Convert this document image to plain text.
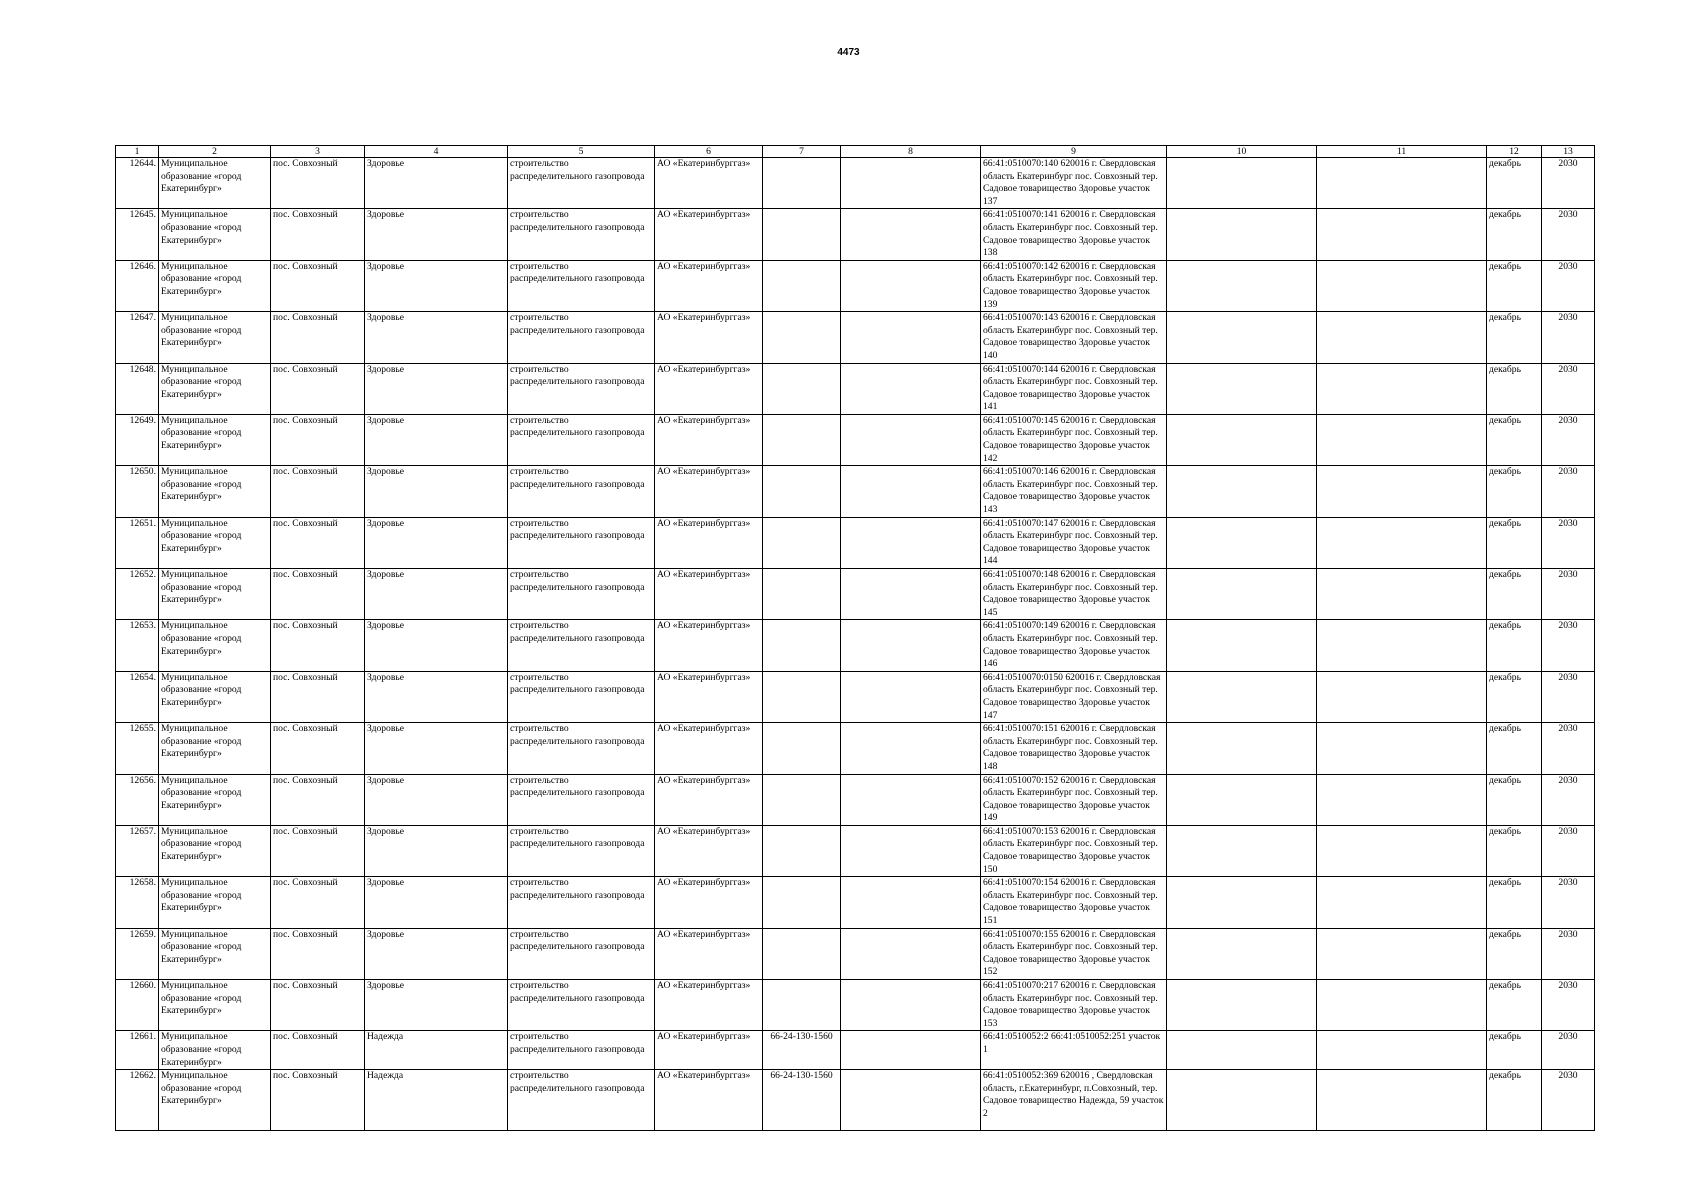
4473
1	2	3	4	5	6	7	8	9	10	11	12	13
12644.	Муниципальное образование «город Екатеринбург»	пос. Совхозный	Здоровье	строительство распределительного газопровода	АО «Екатеринбурггаз»			66:41:0510070:140 620016 г. Свердловская область Екатеринбург пос. Совхозный тер. Садовое товарищество Здоровье участок 137			декабрь	2030
12645.	Муниципальное образование «город Екатеринбург»	пос. Совхозный	Здоровье	строительство распределительного газопровода	АО «Екатеринбурггаз»			66:41:0510070:141 620016 г. Свердловская область Екатеринбург пос. Совхозный тер. Садовое товарищество Здоровье участок 138			декабрь	2030
12646.	Муниципальное образование «город Екатеринбург»	пос. Совхозный	Здоровье	строительство распределительного газопровода	АО «Екатеринбурггаз»			66:41:0510070:142 620016 г. Свердловская область Екатеринбург пос. Совхозный тер. Садовое товарищество Здоровье участок 139			декабрь	2030
12647.	Муниципальное образование «город Екатеринбург»	пос. Совхозный	Здоровье	строительство распределительного газопровода	АО «Екатеринбурггаз»			66:41:0510070:143 620016 г. Свердловская область Екатеринбург пос. Совхозный тер. Садовое товарищество Здоровье участок 140			декабрь	2030
12648.	Муниципальное образование «город Екатеринбург»	пос. Совхозный	Здоровье	строительство распределительного газопровода	АО «Екатеринбурггаз»			66:41:0510070:144 620016 г. Свердловская область Екатеринбург пос. Совхозный тер. Садовое товарищество Здоровье участок 141			декабрь	2030
12649.	Муниципальное образование «город Екатеринбург»	пос. Совхозный	Здоровье	строительство распределительного газопровода	АО «Екатеринбурггаз»			66:41:0510070:145 620016 г. Свердловская область Екатеринбург пос. Совхозный тер. Садовое товарищество Здоровье участок 142			декабрь	2030
12650.	Муниципальное образование «город Екатеринбург»	пос. Совхозный	Здоровье	строительство распределительного газопровода	АО «Екатеринбурггаз»			66:41:0510070:146 620016 г. Свердловская область Екатеринбург пос. Совхозный тер. Садовое товарищество Здоровье участок 143			декабрь	2030
12651.	Муниципальное образование «город Екатеринбург»	пос. Совхозный	Здоровье	строительство распределительного газопровода	АО «Екатеринбурггаз»			66:41:0510070:147 620016 г. Свердловская область Екатеринбург пос. Совхозный тер. Садовое товарищество Здоровье участок 144			декабрь	2030
12652.	Муниципальное образование «город Екатеринбург»	пос. Совхозный	Здоровье	строительство распределительного газопровода	АО «Екатеринбурггаз»			66:41:0510070:148 620016 г. Свердловская область Екатеринбург пос. Совхозный тер. Садовое товарищество Здоровье участок 145			декабрь	2030
12653.	Муниципальное образование «город Екатеринбург»	пос. Совхозный	Здоровье	строительство распределительного газопровода	АО «Екатеринбурггаз»			66:41:0510070:149 620016 г. Свердловская область Екатеринбург пос. Совхозный тер. Садовое товарищество Здоровье участок 146			декабрь	2030
12654.	Муниципальное образование «город Екатеринбург»	пос. Совхозный	Здоровье	строительство распределительного газопровода	АО «Екатеринбурггаз»			66:41:0510070:0150 620016 г. Свердловская область Екатеринбург пос. Совхозный тер. Садовое товарищество Здоровье участок 147			декабрь	2030
12655.	Муниципальное образование «город Екатеринбург»	пос. Совхозный	Здоровье	строительство распределительного газопровода	АО «Екатеринбурггаз»			66:41:0510070:151 620016 г. Свердловская область Екатеринбург пос. Совхозный тер. Садовое товарищество Здоровье участок 148			декабрь	2030
12656.	Муниципальное образование «город Екатеринбург»	пос. Совхозный	Здоровье	строительство распределительного газопровода	АО «Екатеринбурггаз»			66:41:0510070:152 620016 г. Свердловская область Екатеринбург пос. Совхозный тер. Садовое товарищество Здоровье участок 149			декабрь	2030
12657.	Муниципальное образование «город Екатеринбург»	пос. Совхозный	Здоровье	строительство распределительного газопровода	АО «Екатеринбурггаз»			66:41:0510070:153 620016 г. Свердловская область Екатеринбург пос. Совхозный тер. Садовое товарищество Здоровье участок 150			декабрь	2030
12658.	Муниципальное образование «город Екатеринбург»	пос. Совхозный	Здоровье	строительство распределительного газопровода	АО «Екатеринбурггаз»			66:41:0510070:154 620016 г. Свердловская область Екатеринбург пос. Совхозный тер. Садовое товарищество Здоровье участок 151			декабрь	2030
12659.	Муниципальное образование «город Екатеринбург»	пос. Совхозный	Здоровье	строительство распределительного газопровода	АО «Екатеринбурггаз»			66:41:0510070:155 620016 г. Свердловская область Екатеринбург пос. Совхозный тер. Садовое товарищество Здоровье участок 152			декабрь	2030
12660.	Муниципальное образование «город Екатеринбург»	пос. Совхозный	Здоровье	строительство распределительного газопровода	АО «Екатеринбурггаз»			66:41:0510070:217 620016 г. Свердловская область Екатеринбург пос. Совхозный тер. Садовое товарищество Здоровье участок 153			декабрь	2030
12661.	Муниципальное образование «город Екатеринбург»	пос. Совхозный	Надежда	строительство распределительного газопровода	АО «Екатеринбурггаз»	66-24-130-1560		66:41:0510052:2 66:41:0510052:251 участок 1			декабрь	2030
12662.	Муниципальное образование «город Екатеринбург»	пос. Совхозный	Надежда	строительство распределительного газопровода	АО «Екатеринбурггаз»	66-24-130-1560		66:41:0510052:369 620016 , Свердловская область, г.Екатеринбург, п.Совхозный, тер. Садовое товарищество Надежда, 59 участок 2			декабрь	2030
